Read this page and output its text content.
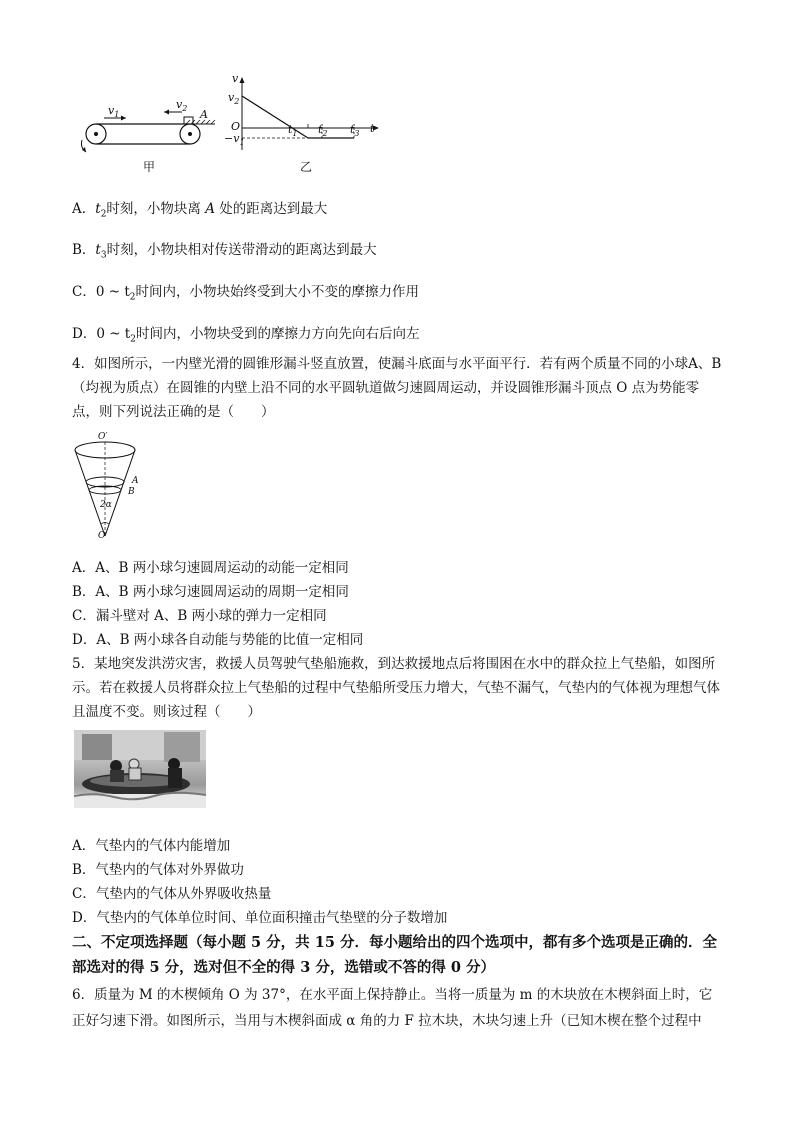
$v_1$
$v_2$ A
甲
v
$v_2$
O
$-v_1$
t
$t_1$ $t_2$ $t_3$
乙
A．$t_2$时刻，小物块离 A 处的距离达到最大
B．$t_3$时刻，小物块相对传送带滑动的距离达到最大
C．0 ~ $t_2$时间内，小物块始终受到大小不变的摩擦力作用
D．0 ~ $t_2$时间内，小物块受到的摩擦力方向先向右后向左
4．如图所示，一内壁光滑的圆锥形漏斗竖直放置，使漏斗底面与水平面平行．若有两个质量不同的小球A、B（均视为质点）在圆锥的内壁上沿不同的水平圆轨道做匀速圆周运动，并设圆锥形漏斗顶点 O 点为势能零点，则下列说法正确的是（　　）
O′
A
B
2α
O
A．A、B 两小球匀速圆周运动的动能一定相同
B．A、B 两小球匀速圆周运动的周期一定相同
C．漏斗壁对 A、B 两小球的弹力一定相同
D．A、B 两小球各自动能与势能的比值一定相同
5．某地突发洪涝灾害，救援人员驾驶气垫船施救，到达救援地点后将围困在水中的群众拉上气垫船，如图所示。若在救援人员将群众拉上气垫船的过程中气垫船所受压力增大，气垫不漏气，气垫内的气体视为理想气体且温度不变。则该过程（　　）
A．气垫内的气体内能增加
B．气垫内的气体对外界做功
C．气垫内的气体从外界吸收热量
D．气垫内的气体单位时间、单位面积撞击气垫壁的分子数增加
二、不定项选择题（每小题 5 分，共 15 分．每小题给出的四个选项中，都有多个选项是正确的．全部选对的得 5 分，选对但不全的得 3 分，选错或不答的得 0 分）
6．质量为 M 的木楔倾角 O 为 37°，在水平面上保持静止。当将一质量为 m 的木块放在木楔斜面上时，它正好匀速下滑。如图所示，当用与木楔斜面成 α 角的力 F 拉木块，木块匀速上升（已知木楔在整个过程中
